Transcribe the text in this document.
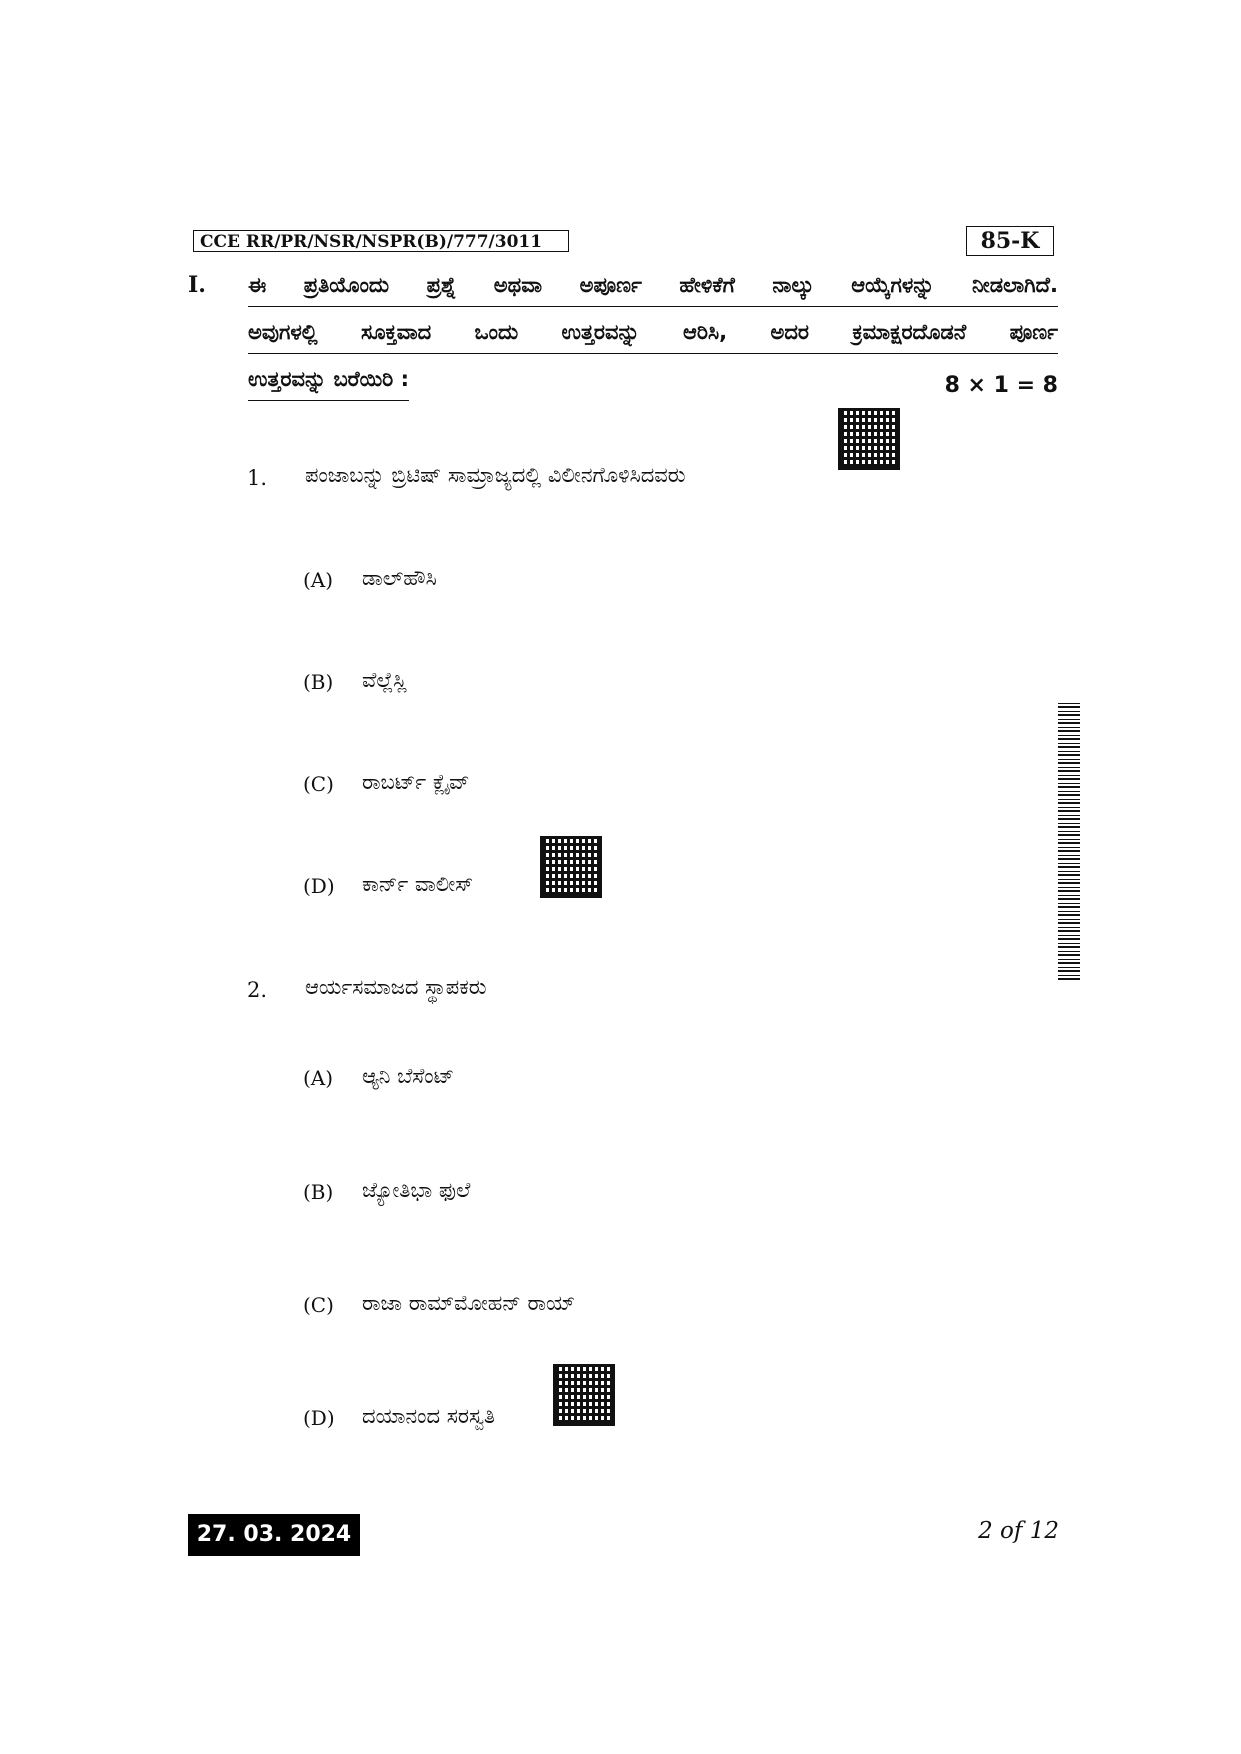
CCE RR/PR/NSR/NSPR(B)/777/3011	85-K
I. ಈ ಪ್ರತಿಯೊಂದು ಪ್ರಶ್ನೆ ಅಥವಾ ಅಪೂರ್ಣ ಹೇಳಿಕೆಗೆ ನಾಲ್ಕು ಆಯ್ಕೆಗಳನ್ನು ನೀಡಲಾಗಿದೆ.
ಅವುಗಳಲ್ಲಿ ಸೂಕ್ತವಾದ ಒಂದು ಉತ್ತರವನ್ನು ಆರಿಸಿ, ಅದರ ಕ್ರಮಾಕ್ಷರದೊಡನೆ ಪೂರ್ಣ
ಉತ್ತರವನ್ನು ಬರೆಯಿರಿ :	8 × 1 = 8
1. ಪಂಜಾಬನ್ನು ಬ್ರಿಟಿಷ್ ಸಾಮ್ರಾಜ್ಯದಲ್ಲಿ ವಿಲೀನಗೊಳಿಸಿದವರು
(A) ಡಾಲ್‌ಹೌಸಿ
(B) ವೆಲ್ಲೆಸ್ಲಿ
(C) ರಾಬರ್ಟ್ ಕ್ಲೈವ್
(D) ಕಾರ್ನ್ ವಾಲೀಸ್
2. ಆರ್ಯಸಮಾಜದ ಸ್ಥಾಪಕರು
(A) ಆ್ಯನಿ ಬೆಸೆಂಟ್
(B) ಜ್ಯೋತಿಭಾ ಫುಲೆ
(C) ರಾಜಾ ರಾಮ್‌ಮೋಹನ್ ರಾಯ್
(D) ದಯಾನಂದ ಸರಸ್ವತಿ
27. 03. 2024	2 of 12
